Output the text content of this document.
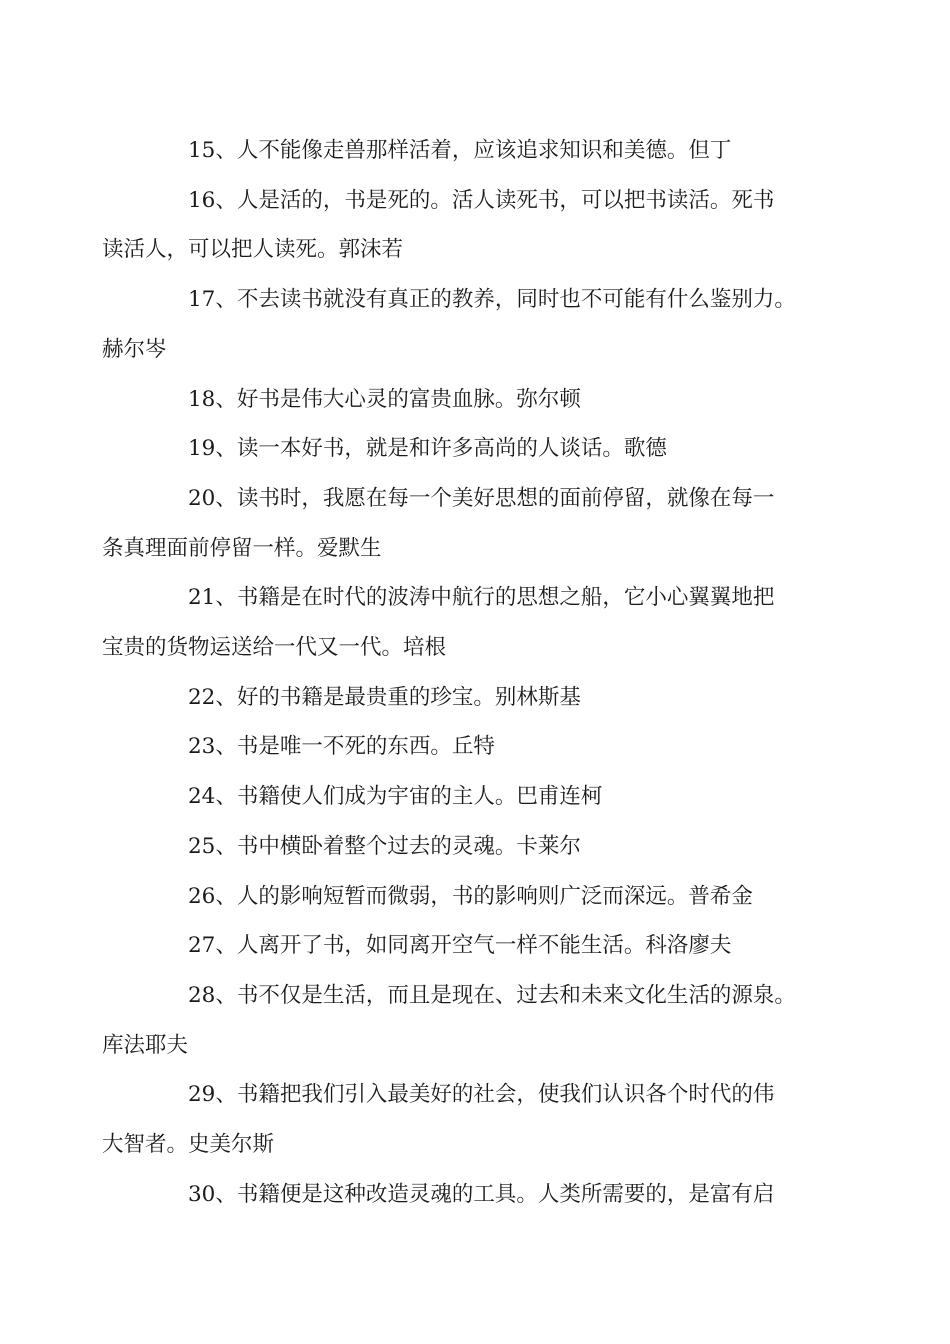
15、人不能像走兽那样活着，应该追求知识和美德。但丁

16、人是活的，书是死的。活人读死书，可以把书读活。死书
读活人，可以把人读死。郭沫若

17、不去读书就没有真正的教养，同时也不可能有什么鉴别力。
赫尔岑

18、好书是伟大心灵的富贵血脉。弥尔顿

19、读一本好书，就是和许多高尚的人谈话。歌德

20、读书时，我愿在每一个美好思想的面前停留，就像在每一
条真理面前停留一样。爱默生

21、书籍是在时代的波涛中航行的思想之船，它小心翼翼地把
宝贵的货物运送给一代又一代。培根

22、好的书籍是最贵重的珍宝。别林斯基

23、书是唯一不死的东西。丘特

24、书籍使人们成为宇宙的主人。巴甫连柯

25、书中横卧着整个过去的灵魂。卡莱尔

26、人的影响短暂而微弱，书的影响则广泛而深远。普希金

27、人离开了书，如同离开空气一样不能生活。科洛廖夫

28、书不仅是生活，而且是现在、过去和未来文化生活的源泉。
库法耶夫

29、书籍把我们引入最美好的社会，使我们认识各个时代的伟
大智者。史美尔斯

30、书籍便是这种改造灵魂的工具。人类所需要的，是富有启
